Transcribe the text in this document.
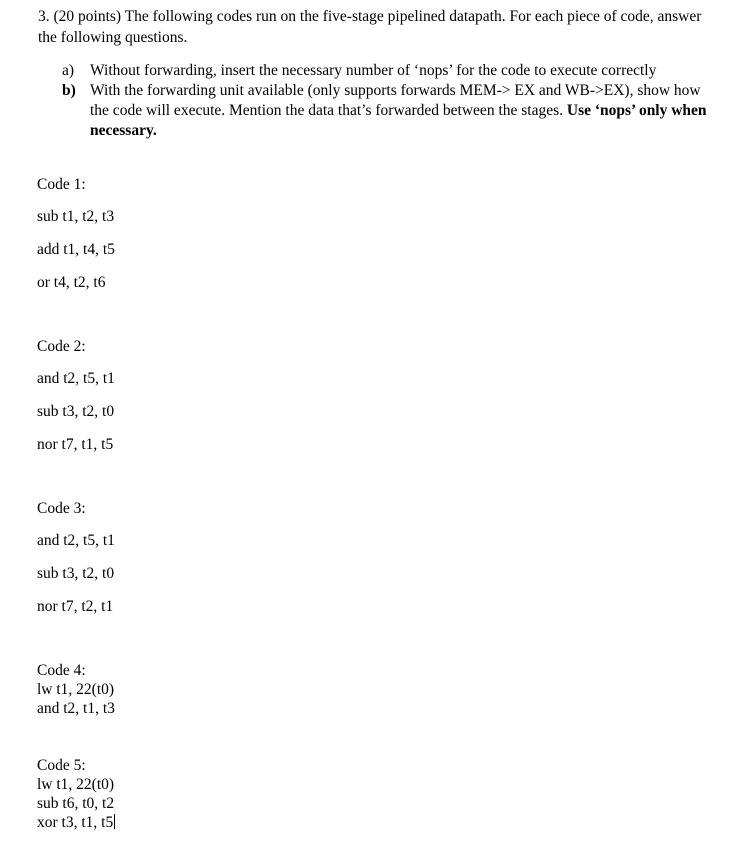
3. (20 points) The following codes run on the five-stage pipelined datapath. For each piece of code, answer the following questions.
a)	Without forwarding, insert the necessary number of ‘nops’ for the code to execute correctly
b) With the forwarding unit available (only supports forwards MEM-> EX and WB->EX), show how the code will execute. Mention the data that’s forwarded between the stages. Use ‘nops’ only when necessary.
Code 1:
sub t1, t2, t3
add t1, t4, t5
or t4, t2, t6
Code 2:
and t2, t5, t1
sub t3, t2, t0
nor t7, t1, t5
Code 3:
and t2, t5, t1
sub t3, t2, t0
nor t7, t2, t1
Code 4:
lw t1, 22(t0)
and t2, t1, t3
Code 5:
lw t1, 22(t0)
sub t6, t0, t2
xor t3, t1, t5
